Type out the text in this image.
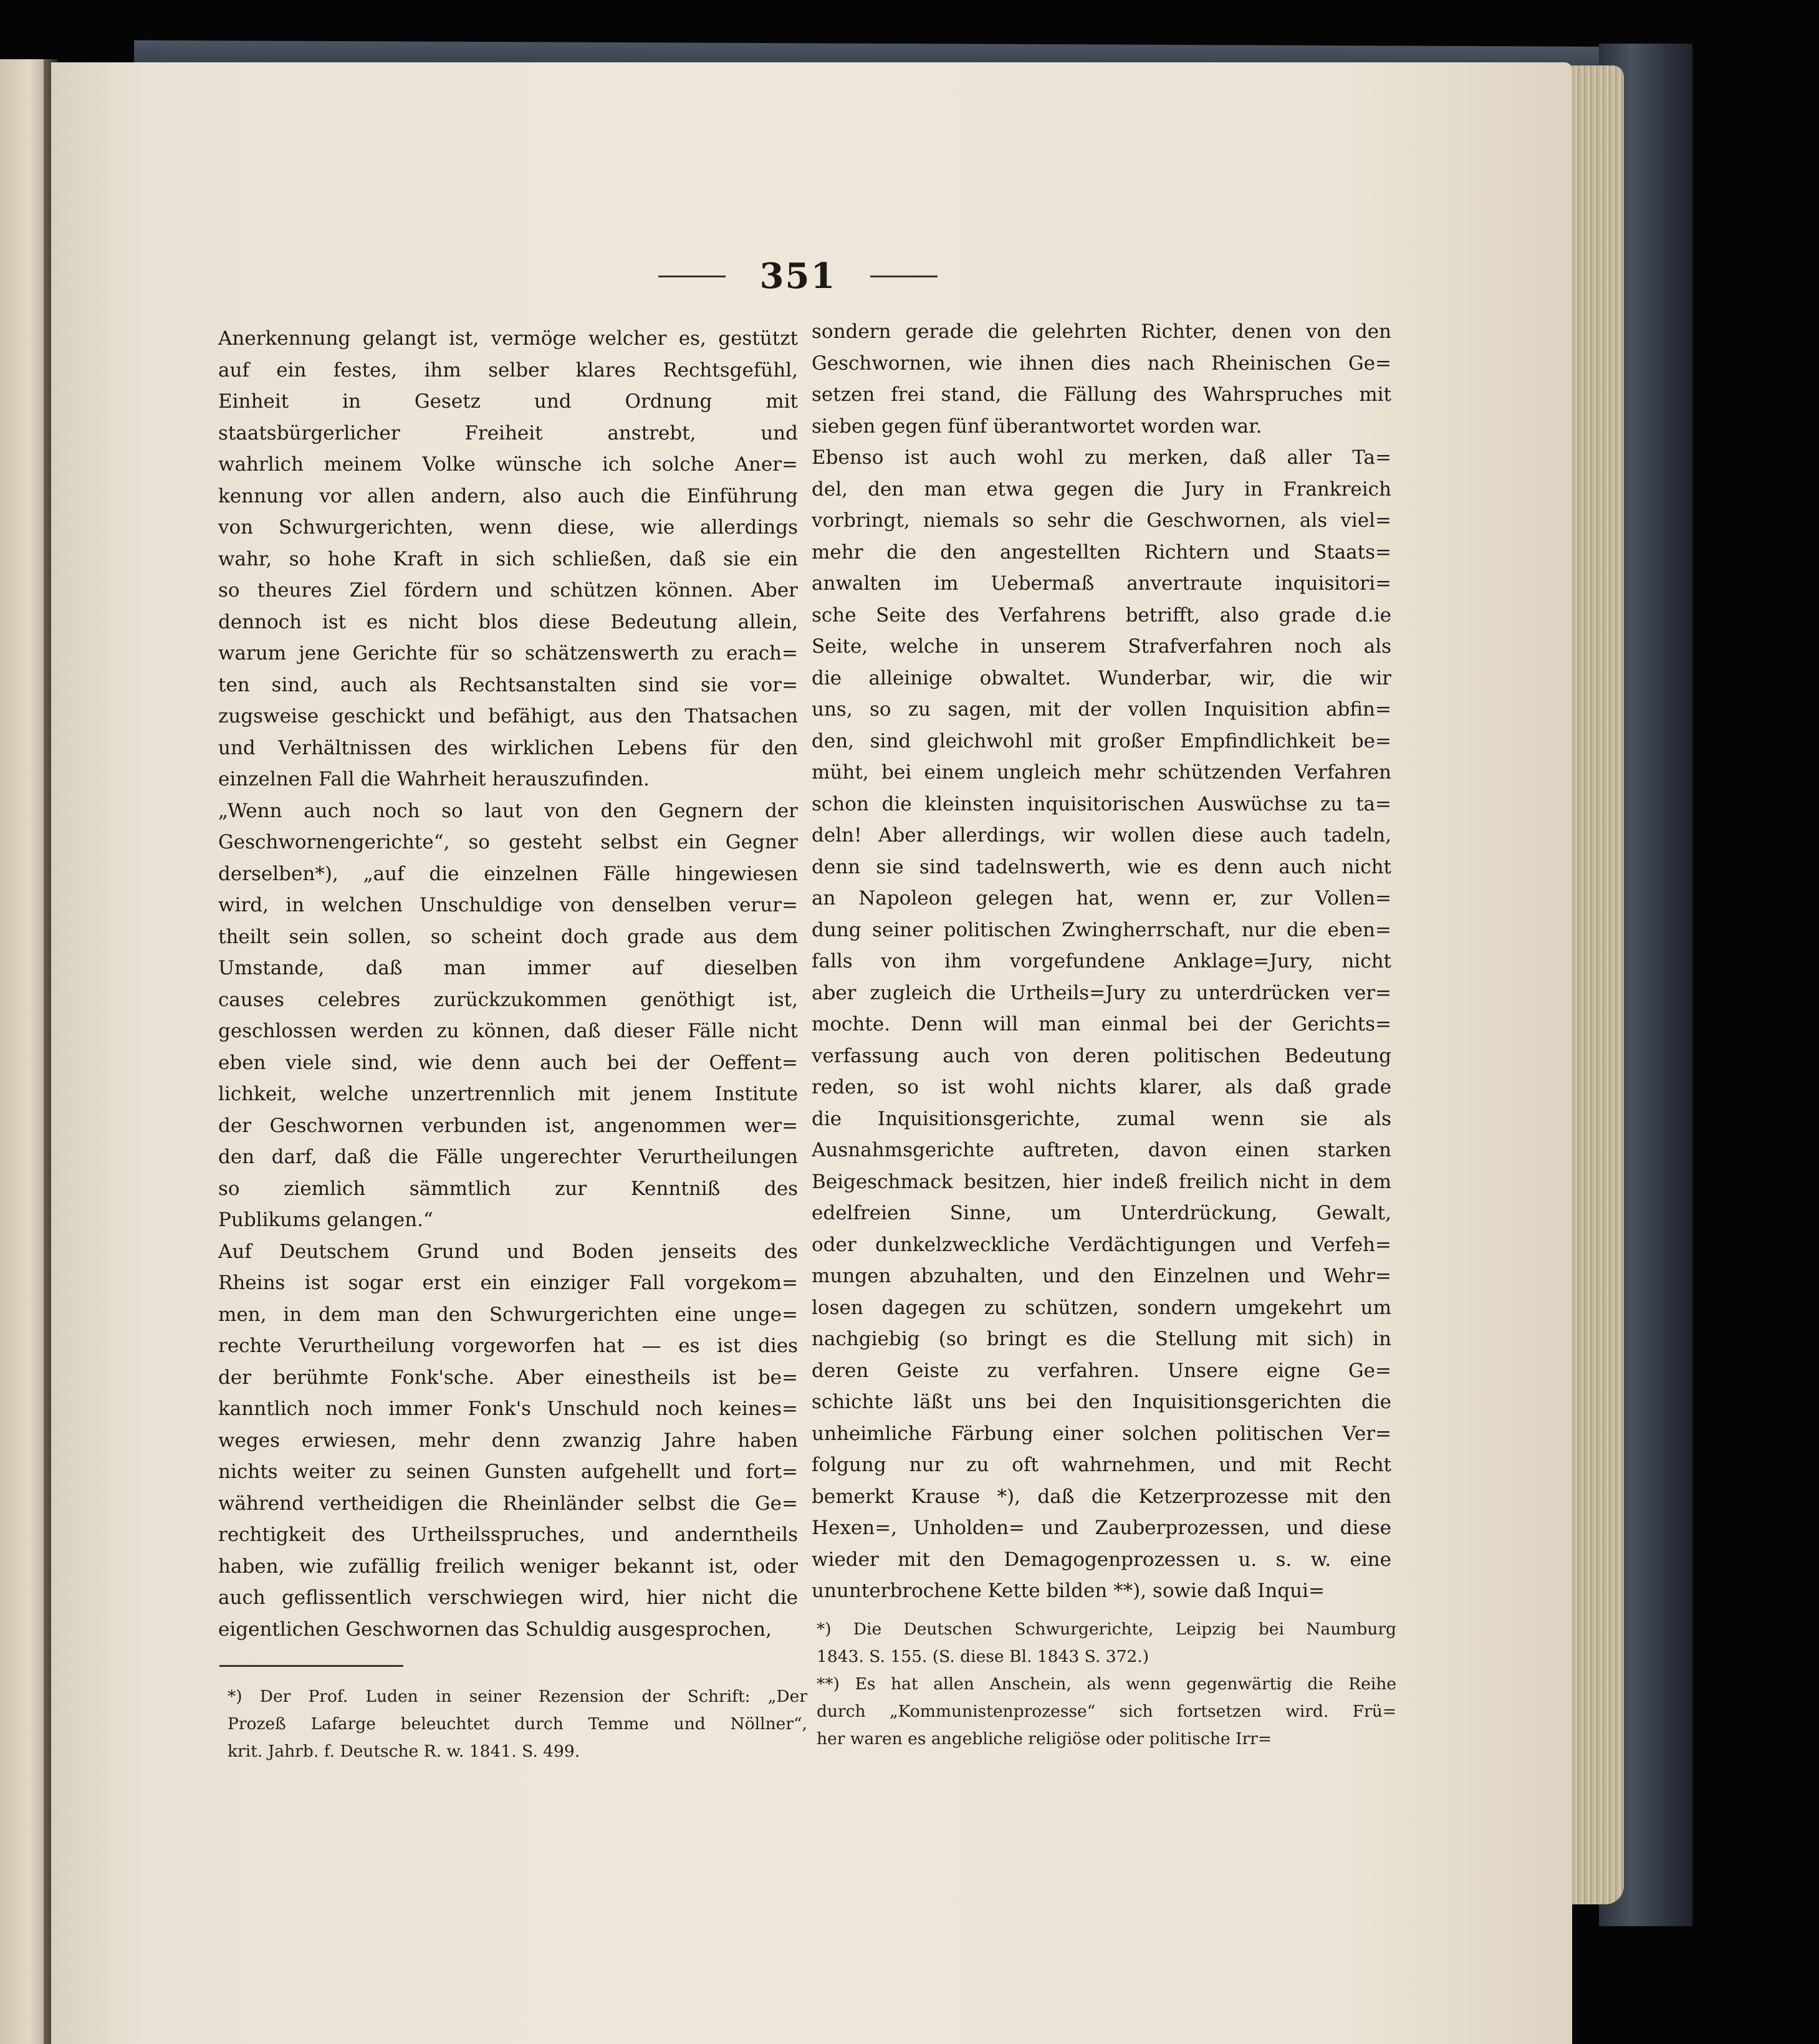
351
Anerkennung gelangt ist, vermöge welcher es, gestützt
auf ein festes, ihm selber klares Rechtsgefühl,
Einheit in Gesetz und Ordnung mit
staatsbürgerlicher Freiheit anstrebt, und
wahrlich meinem Volke wünsche ich solche Aner=
kennung vor allen andern, also auch die Einführung
von Schwurgerichten, wenn diese, wie allerdings
wahr, so hohe Kraft in sich schließen, daß sie ein
so theures Ziel fördern und schützen können. Aber
dennoch ist es nicht blos diese Bedeutung allein,
warum jene Gerichte für so schätzenswerth zu erach=
ten sind, auch als Rechtsanstalten sind sie vor=
zugsweise geschickt und befähigt, aus den Thatsachen
und Verhältnissen des wirklichen Lebens für den
einzelnen Fall die Wahrheit herauszufinden.
„Wenn auch noch so laut von den Gegnern der
Geschwornengerichte“, so gesteht selbst ein Gegner
derselben*), „auf die einzelnen Fälle hingewiesen
wird, in welchen Unschuldige von denselben verur=
theilt sein sollen, so scheint doch grade aus dem
Umstande, daß man immer auf dieselben
causes celebres zurückzukommen genöthigt ist,
geschlossen werden zu können, daß dieser Fälle nicht
eben viele sind, wie denn auch bei der Oeffent=
lichkeit, welche unzertrennlich mit jenem Institute
der Geschwornen verbunden ist, angenommen wer=
den darf, daß die Fälle ungerechter Verurtheilungen
so ziemlich sämmtlich zur Kenntniß des
Publikums gelangen.“
Auf Deutschem Grund und Boden jenseits des
Rheins ist sogar erst ein einziger Fall vorgekom=
men, in dem man den Schwurgerichten eine unge=
rechte Verurtheilung vorgeworfen hat — es ist dies
der berühmte Fonk'sche. Aber einestheils ist be=
kanntlich noch immer Fonk's Unschuld noch keines=
weges erwiesen, mehr denn zwanzig Jahre haben
nichts weiter zu seinen Gunsten aufgehellt und fort=
während vertheidigen die Rheinländer selbst die Ge=
rechtigkeit des Urtheilsspruches, und anderntheils
haben, wie zufällig freilich weniger bekannt ist, oder
auch geflissentlich verschwiegen wird, hier nicht die
eigentlichen Geschwornen das Schuldig ausgesprochen,
sondern gerade die gelehrten Richter, denen von den
Geschwornen, wie ihnen dies nach Rheinischen Ge=
setzen frei stand, die Fällung des Wahrspruches mit
sieben gegen fünf überantwortet worden war.
Ebenso ist auch wohl zu merken, daß aller Ta=
del, den man etwa gegen die Jury in Frankreich
vorbringt, niemals so sehr die Geschwornen, als viel=
mehr die den angestellten Richtern und Staats=
anwalten im Uebermaß anvertraute inquisitori=
sche Seite des Verfahrens betrifft, also grade d.ie
Seite, welche in unserem Strafverfahren noch als
die alleinige obwaltet. Wunderbar, wir, die wir
uns, so zu sagen, mit der vollen Inquisition abfin=
den, sind gleichwohl mit großer Empfindlichkeit be=
müht, bei einem ungleich mehr schützenden Verfahren
schon die kleinsten inquisitorischen Auswüchse zu ta=
deln! Aber allerdings, wir wollen diese auch tadeln,
denn sie sind tadelnswerth, wie es denn auch nicht
an Napoleon gelegen hat, wenn er, zur Vollen=
dung seiner politischen Zwingherrschaft, nur die eben=
falls von ihm vorgefundene Anklage=Jury, nicht
aber zugleich die Urtheils=Jury zu unterdrücken ver=
mochte. Denn will man einmal bei der Gerichts=
verfassung auch von deren politischen Bedeutung
reden, so ist wohl nichts klarer, als daß grade
die Inquisitionsgerichte, zumal wenn sie als
Ausnahmsgerichte auftreten, davon einen starken
Beigeschmack besitzen, hier indeß freilich nicht in dem
edelfreien Sinne, um Unterdrückung, Gewalt,
oder dunkelzweckliche Verdächtigungen und Verfeh=
mungen abzuhalten, und den Einzelnen und Wehr=
losen dagegen zu schützen, sondern umgekehrt um
nachgiebig (so bringt es die Stellung mit sich) in
deren Geiste zu verfahren. Unsere eigne Ge=
schichte läßt uns bei den Inquisitionsgerichten die
unheimliche Färbung einer solchen politischen Ver=
folgung nur zu oft wahrnehmen, und mit Recht
bemerkt Krause *), daß die Ketzerprozesse mit den
Hexen=, Unholden= und Zauberprozessen, und diese
wieder mit den Demagogenprozessen u. s. w. eine
ununterbrochene Kette bilden **), sowie daß Inqui=
*) Der Prof. Luden in seiner Rezension der Schrift: „Der
Prozeß Lafarge beleuchtet durch Temme und Nöllner“,
krit. Jahrb. f. Deutsche R. w. 1841. S. 499.
*) Die Deutschen Schwurgerichte, Leipzig bei Naumburg
1843. S. 155. (S. diese Bl. 1843 S. 372.)
**) Es hat allen Anschein, als wenn gegenwärtig die Reihe
durch „Kommunistenprozesse“ sich fortsetzen wird. Frü=
her waren es angebliche religiöse oder politische Irr=
